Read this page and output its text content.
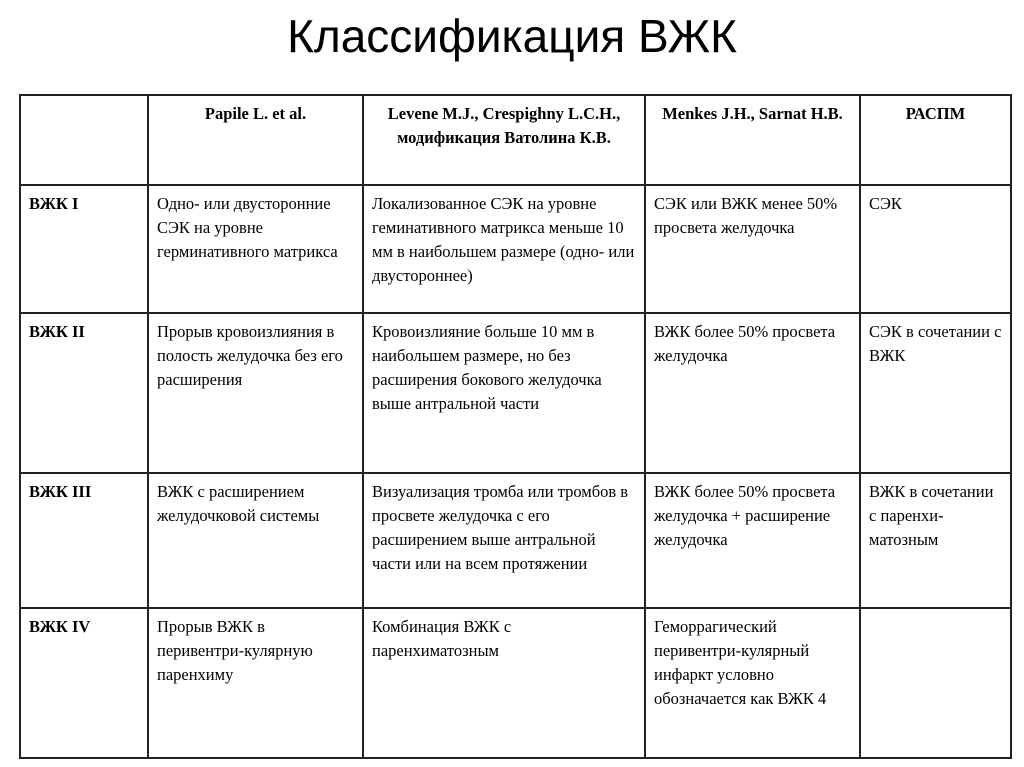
Классификация ВЖК
	Papile L. et al.	Levene M.J., Crespighny L.C.H., модификация Ватолина К.В.	Menkes J.H., Sarnat H.B.	РАСПМ
ВЖК I	Одно- или двусторонние СЭК на уровне герминативного матрикса	Локализованное СЭК на уровне геминативного матрикса меньше 10 мм в наибольшем размере (одно- или двустороннее)	СЭК или ВЖК менее 50% просвета желудочка	СЭК
ВЖК II	Прорыв кровоизлияния в полость желудочка без его расширения	Кровоизлияние больше 10 мм в наибольшем размере, но без расширения бокового желудочка выше антральной части	ВЖК более 50% просвета желудочка	СЭК в сочетании с ВЖК
ВЖК III	ВЖК с расширением желудочковой системы	Визуализация тромба или тромбов в просвете желудочка с его расширением выше антральной части или на всем протяжении	ВЖК более 50% просвета желудочка + расширение желудочка	ВЖК в сочетании с паренхи-матозным
ВЖК IV	Прорыв ВЖК в перивентри-кулярную паренхиму	Комбинация ВЖК с паренхиматозным	Геморрагический перивентри-кулярный инфаркт условно обозначается как ВЖК 4	
